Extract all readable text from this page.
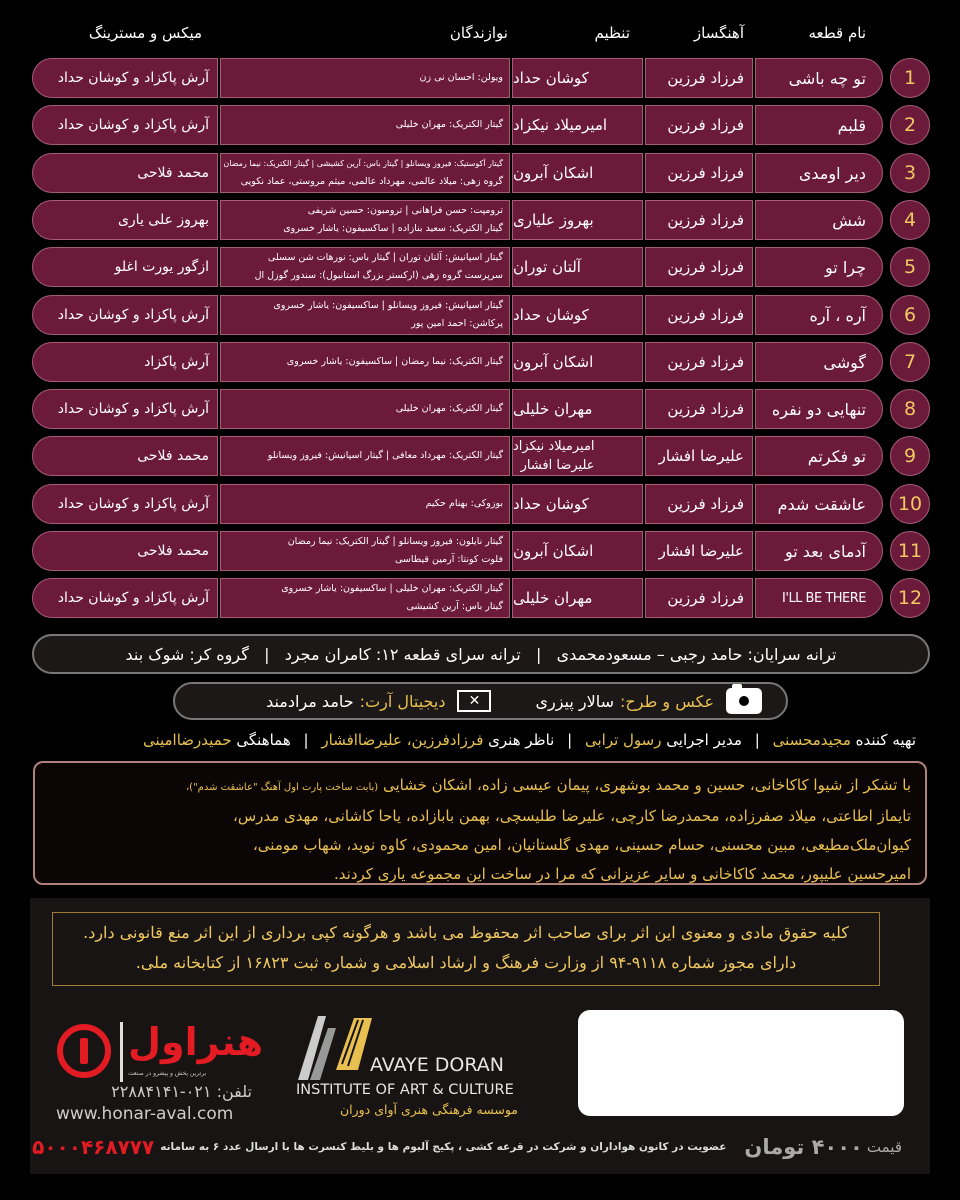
نام قطعه
آهنگساز
تنظیم
نوازندگان
میکس و مسترینگ
1
تو چه باشی
فرزاد فرزین
کوشان حداد
ویولن: احسان نی زن
آرش پاکزاد و کوشان حداد
2
قلبم
فرزاد فرزین
امیرمیلاد نیکزاد
گیتار الکتریک: مهران خلیلی
آرش پاکزاد و کوشان حداد
3
دیر اومدی
فرزاد فرزین
اشکان آبرون
گیتار آکوستیک: فیروز ویسانلو | گیتار باس: آرین کشیشی | گیتار الکتریک: نیما رمضان
گروه زهی: میلاد عالمی، مهرداد عالمی، میثم مروستی، عماد نکویی
محمد فلاحی
4
شش
فرزاد فرزین
بهروز علیاری
ترومپت: حسن فراهانی | ترومبون: حسین شریفی
گیتار الکتریک: سعید بنازاده | ساکسیفون: یاشار خسروی
بهروز علی یاری
5
چرا تو
فرزاد فرزین
آلتان توران
گیتار اسپانیش: آلتان توران | گیتار باس: نورهات شن سسلی
سرپرست گروه زهی (ارکستر بزرگ استانبول): سندور گوزل ال
ازگور یورت اغلو
6
آره ، آره
فرزاد فرزین
کوشان حداد
گیتار اسپانیش: فیروز ویسانلو | ساکسیفون: یاشار خسروی
پرکاشن: احمد امین پور
آرش پاکزاد و کوشان حداد
7
گوشی
فرزاد فرزین
اشکان آبرون
گیتار الکتریک: نیما رمضان | ساکسیفون: یاشار خسروی
آرش پاکزاد
8
تنهایی دو نفره
فرزاد فرزین
مهران خلیلی
گیتار الکتریک: مهران خلیلی
آرش پاکزاد و کوشان حداد
9
تو فکرتم
علیرضا افشار
امیرمیلاد نیکزاد
علیرضا افشار
گیتار الکتریک: مهرداد معافی | گیتار اسپانیش: فیروز ویسانلو
محمد فلاحی
10
عاشقت شدم
فرزاد فرزین
کوشان حداد
بوزوکی: بهنام حکیم
آرش پاکزاد و کوشان حداد
11
آدمای بعد تو
علیرضا افشار
اشکان آبرون
گیتار نایلون: فیروز ویسانلو | گیتار الکتریک: نیما رمضان
فلوت کونتا: آرمین قیطاسی
محمد فلاحی
12
I'LL BE THERE
فرزاد فرزین
مهران خلیلی
گیتار الکتریک: مهران خلیلی | ساکسیفون: یاشار خسروی
گیتار باس: آرین کشیشی
آرش پاکزاد و کوشان حداد
ترانه سرایان: حامد رجبی – مسعودمحمدی   |   ترانه سرای قطعه ۱۲: کامران مجرد   |   گروه کر: شوک بند
عکس و طرح:
سالار پیزری
✕
دیجیتال آرت:
حامد مرادمند
تهیه کننده مجیدمحسنی | مدیر اجرایی رسول ترابی | ناظر هنری فرزادفرزین، علیرضاافشار | هماهنگی حمیدرضاامینی
با تشکر از شیوا کاکاخانی، حسین و محمد بوشهری، پیمان عیسی زاده، اشکان خشایی (بابت ساخت پارت اول آهنگ "عاشقت شدم")،
تایماز اطاعتی، میلاد صفرزاده، محمدرضا کارچی، علیرضا طلیسچی، بهمن بابازاده، یاحا کاشانی، مهدی مدرس،
کیوان‌ملک‌مطیعی، مبین محسنی، حسام حسینی، مهدی گلستانیان، امین محمودی، کاوه نوید، شهاب مومنی،
امیرحسین علیپور، محمد کاکاخانی و سایر عزیزانی که مرا در ساخت این مجموعه یاری کردند.
کلیه حقوق مادی و معنوی این اثر برای صاحب اثر محفوظ می باشد و هرگونه کپی برداری از این اثر منع قانونی دارد.
دارای مجوز شماره ۹۱۱۸-۹۴ از وزارت فرهنگ و ارشاد اسلامی و شماره ثبت ۱۶۸۲۳ از کتابخانه ملی.
هنراول
برترین پخش و پیشرو در صنعت
تلفن: ۰۲۱-۲۲۸۸۴۱۴۱
www.honar-aval.com
AVAYE DORAN
INSTITUTE OF ART & CULTURE
موسسه فرهنگی هنری آوای دوران
قیمت
۴۰۰۰ تومان
عضویت در کانون هواداران و شرکت در قرعه کشی ، پکیج آلبوم ها و بلیط کنسرت ها با ارسال عدد ۶ به سامانه
۵۰۰۰۴۶۸۷۷۷
